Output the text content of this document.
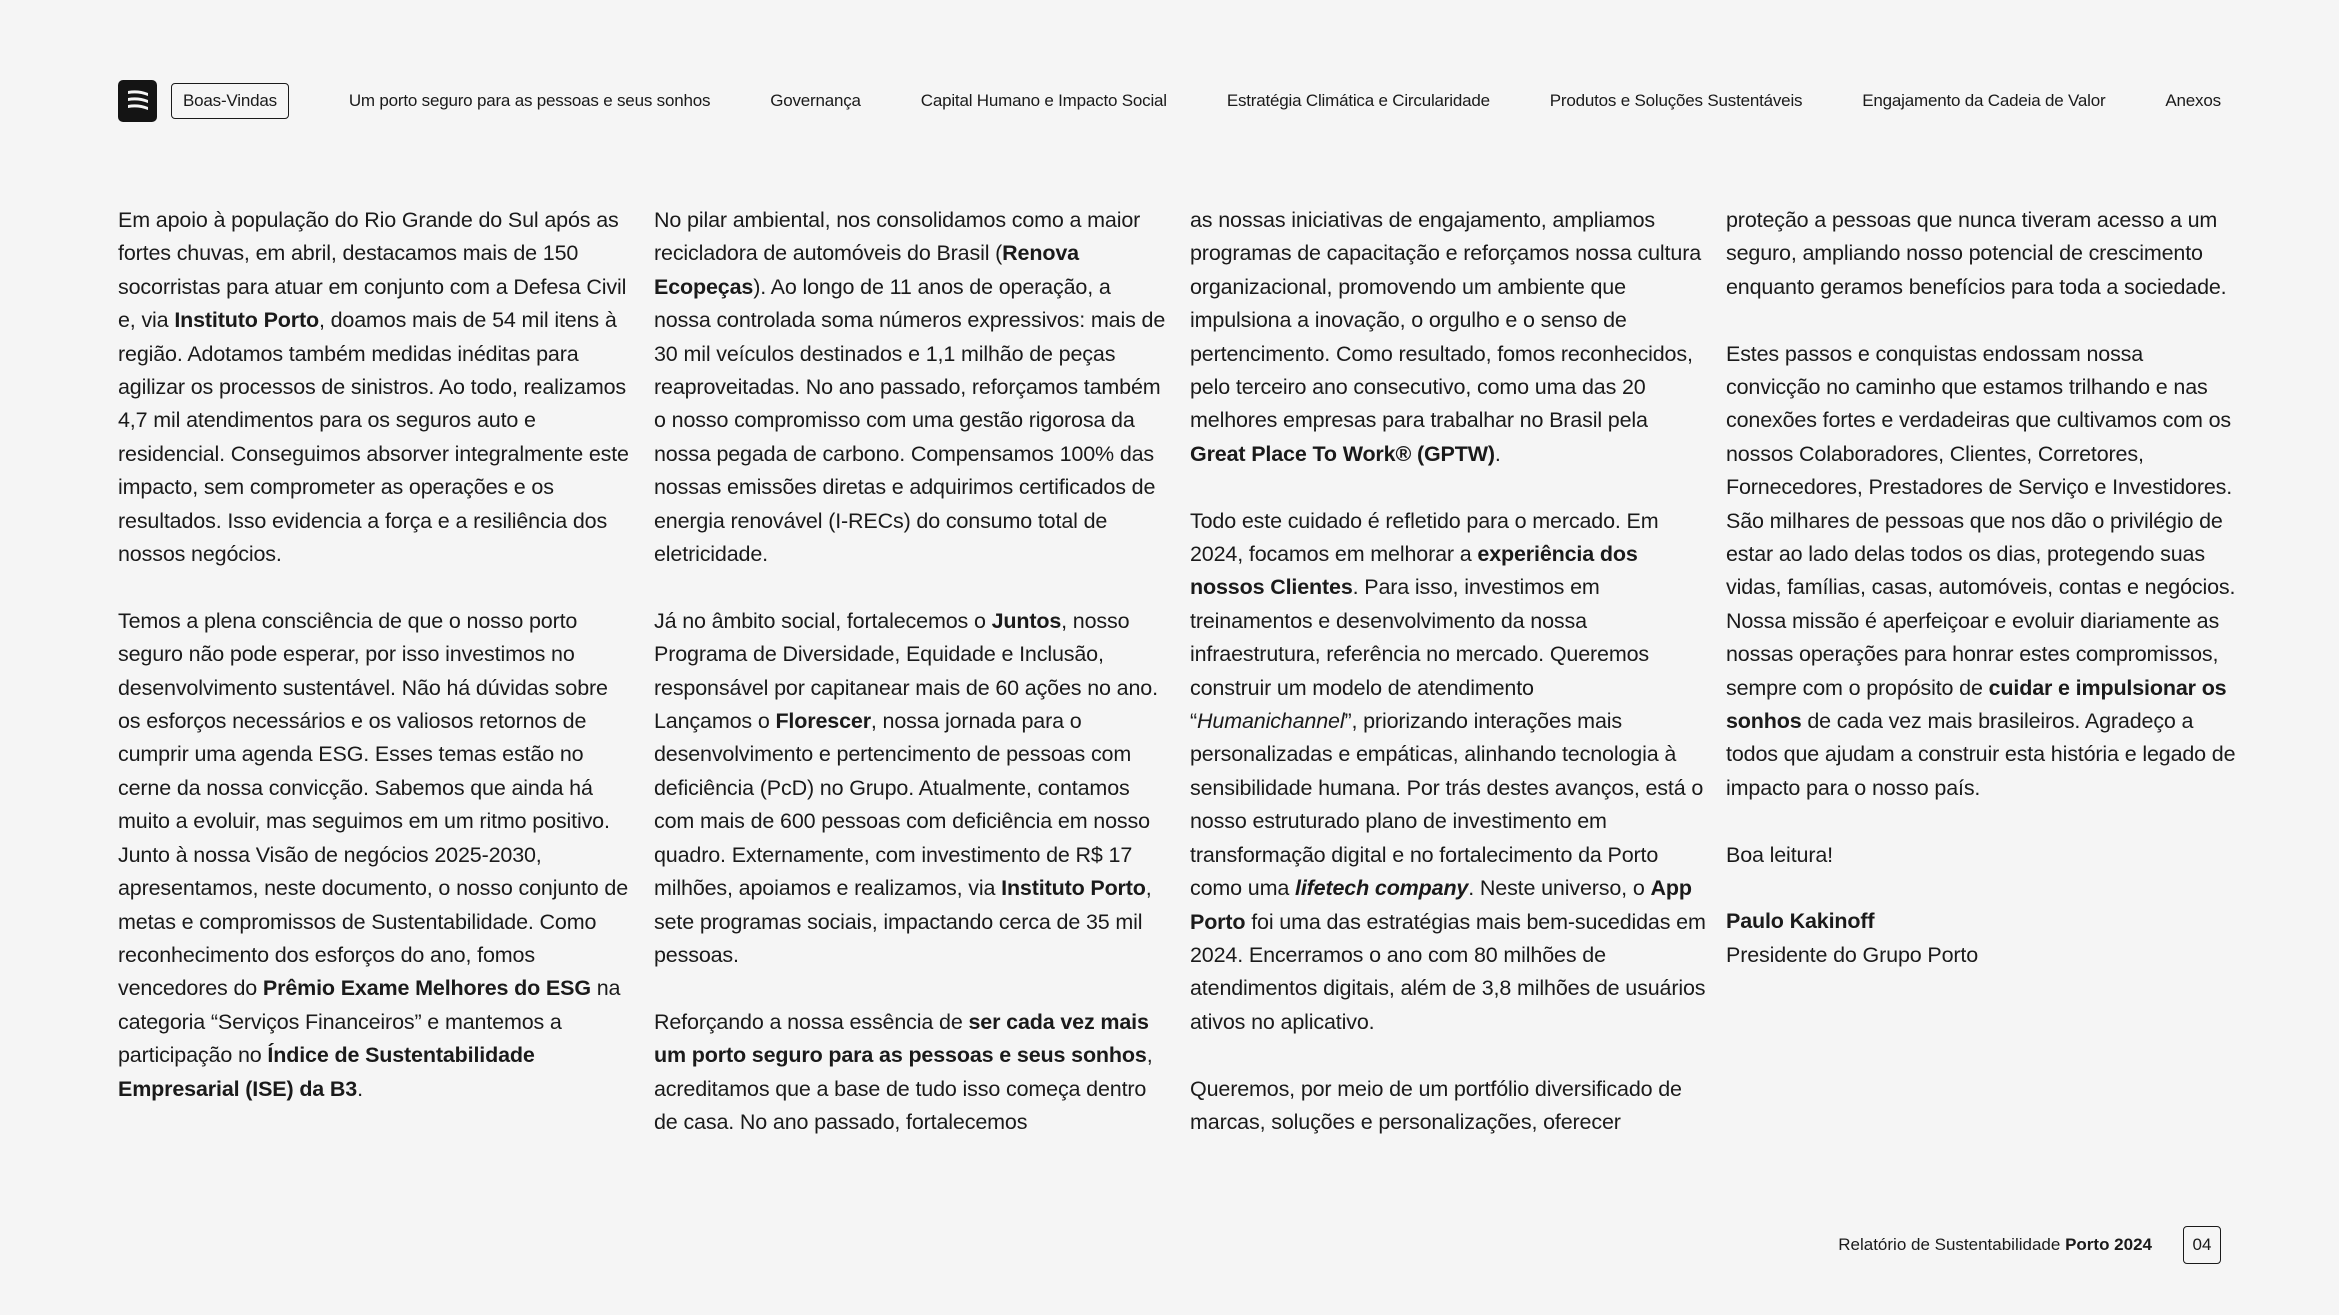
Boas-Vindas	Um porto seguro para as pessoas e seus sonhos	Governança	Capital Humano e Impacto Social	Estratégia Climática e Circularidade	Produtos e Soluções Sustentáveis	Engajamento da Cadeia de Valor	Anexos

Em apoio à população do Rio Grande do Sul após as fortes chuvas, em abril, destacamos mais de 150 socorristas para atuar em conjunto com a Defesa Civil e, via Instituto Porto, doamos mais de 54 mil itens à região. Adotamos também medidas inéditas para agilizar os processos de sinistros. Ao todo, realizamos 4,7 mil atendimentos para os seguros auto e residencial. Conseguimos absorver integralmente este impacto, sem comprometer as operações e os resultados. Isso evidencia a força e a resiliência dos nossos negócios.

Temos a plena consciência de que o nosso porto seguro não pode esperar, por isso investimos no desenvolvimento sustentável. Não há dúvidas sobre os esforços necessários e os valiosos retornos de cumprir uma agenda ESG. Esses temas estão no cerne da nossa convicção. Sabemos que ainda há muito a evoluir, mas seguimos em um ritmo positivo. Junto à nossa Visão de negócios 2025-2030, apresentamos, neste documento, o nosso conjunto de metas e compromissos de Sustentabilidade. Como reconhecimento dos esforços do ano, fomos vencedores do Prêmio Exame Melhores do ESG na categoria “Serviços Financeiros” e mantemos a participação no Índice de Sustentabilidade Empresarial (ISE) da B3.

No pilar ambiental, nos consolidamos como a maior recicladora de automóveis do Brasil (Renova Ecopeças). Ao longo de 11 anos de operação, a nossa controlada soma números expressivos: mais de 30 mil veículos destinados e 1,1 milhão de peças reaproveitadas. No ano passado, reforçamos também o nosso compromisso com uma gestão rigorosa da nossa pegada de carbono. Compensamos 100% das nossas emissões diretas e adquirimos certificados de energia renovável (I-RECs) do consumo total de eletricidade.

Já no âmbito social, fortalecemos o Juntos, nosso Programa de Diversidade, Equidade e Inclusão, responsável por capitanear mais de 60 ações no ano. Lançamos o Florescer, nossa jornada para o desenvolvimento e pertencimento de pessoas com deficiência (PcD) no Grupo. Atualmente, contamos com mais de 600 pessoas com deficiência em nosso quadro. Externamente, com investimento de R$ 17 milhões, apoiamos e realizamos, via Instituto Porto, sete programas sociais, impactando cerca de 35 mil pessoas.

Reforçando a nossa essência de ser cada vez mais um porto seguro para as pessoas e seus sonhos, acreditamos que a base de tudo isso começa dentro de casa. No ano passado, fortalecemos

as nossas iniciativas de engajamento, ampliamos programas de capacitação e reforçamos nossa cultura organizacional, promovendo um ambiente que impulsiona a inovação, o orgulho e o senso de pertencimento. Como resultado, fomos reconhecidos, pelo terceiro ano consecutivo, como uma das 20 melhores empresas para trabalhar no Brasil pela Great Place To Work® (GPTW).

Todo este cuidado é refletido para o mercado. Em 2024, focamos em melhorar a experiência dos nossos Clientes. Para isso, investimos em treinamentos e desenvolvimento da nossa infraestrutura, referência no mercado. Queremos construir um modelo de atendimento “Humanichannel”, priorizando interações mais personalizadas e empáticas, alinhando tecnologia à sensibilidade humana. Por trás destes avanços, está o nosso estruturado plano de investimento em transformação digital e no fortalecimento da Porto como uma lifetech company. Neste universo, o App Porto foi uma das estratégias mais bem-sucedidas em 2024. Encerramos o ano com 80 milhões de atendimentos digitais, além de 3,8 milhões de usuários ativos no aplicativo.

Queremos, por meio de um portfólio diversificado de marcas, soluções e personalizações, oferecer

proteção a pessoas que nunca tiveram acesso a um seguro, ampliando nosso potencial de crescimento enquanto geramos benefícios para toda a sociedade.

Estes passos e conquistas endossam nossa convicção no caminho que estamos trilhando e nas conexões fortes e verdadeiras que cultivamos com os nossos Colaboradores, Clientes, Corretores, Fornecedores, Prestadores de Serviço e Investidores. São milhares de pessoas que nos dão o privilégio de estar ao lado delas todos os dias, protegendo suas vidas, famílias, casas, automóveis, contas e negócios. Nossa missão é aperfeiçoar e evoluir diariamente as nossas operações para honrar estes compromissos, sempre com o propósito de cuidar e impulsionar os sonhos de cada vez mais brasileiros. Agradeço a todos que ajudam a construir esta história e legado de impacto para o nosso país.

Boa leitura!

Paulo Kakinoff
Presidente do Grupo Porto

Relatório de Sustentabilidade Porto 2024	04
